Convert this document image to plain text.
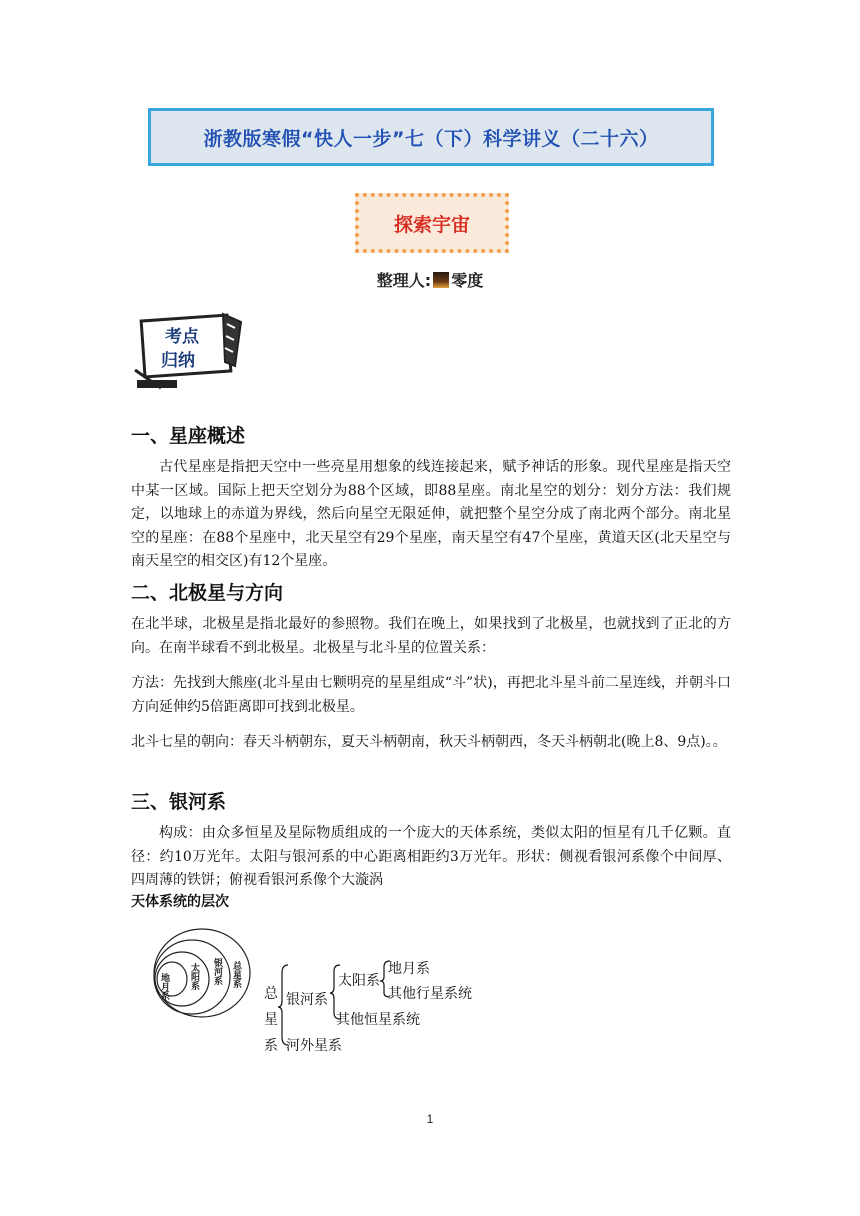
浙教版寒假“快人一步”七（下）科学讲义（二十六）
探索宇宙
整理人: 零度
考点
归纳
一、星座概述

古代星座是指把天空中一些亮星用想象的线连接起来，赋予神话的形象。现代星座是指天空中某一区域。国际上把天空划分为88个区域，即88星座。南北星空的划分：划分方法：我们规定，以地球上的赤道为界线，然后向星空无限延伸，就把整个星空分成了南北两个部分。南北星空的星座：在88个星座中，北天星空有29个星座，南天星空有47个星座，黄道天区(北天星空与南天星空的相交区)有12个星座。

二、北极星与方向

在北半球，北极星是指北最好的参照物。我们在晚上，如果找到了北极星，也就找到了正北的方向。在南半球看不到北极星。北极星与北斗星的位置关系：

方法：先找到大熊座(北斗星由七颗明亮的星星组成“斗”状)，再把北斗星斗前二星连线，并朝斗口方向延伸约5倍距离即可找到北极星。

北斗七星的朝向：春天斗柄朝东，夏天斗柄朝南，秋天斗柄朝西，冬天斗柄朝北(晚上8、9点)。。

三、银河系

构成：由众多恒星及星际物质组成的一个庞大的天体系统，类似太阳的恒星有几千亿颗。直径：约10万光年。太阳与银河系的中心距离相距约3万光年。形状：侧视看银河系像个中间厚、四周薄的铁饼；俯视看银河系像个大漩涡

天体系统的层次
地月系 太阳系 银河系 总星系
总
星
系
银河系
河外星系
太阳系
其他恒星系统
地月系
其他行星系统
1
